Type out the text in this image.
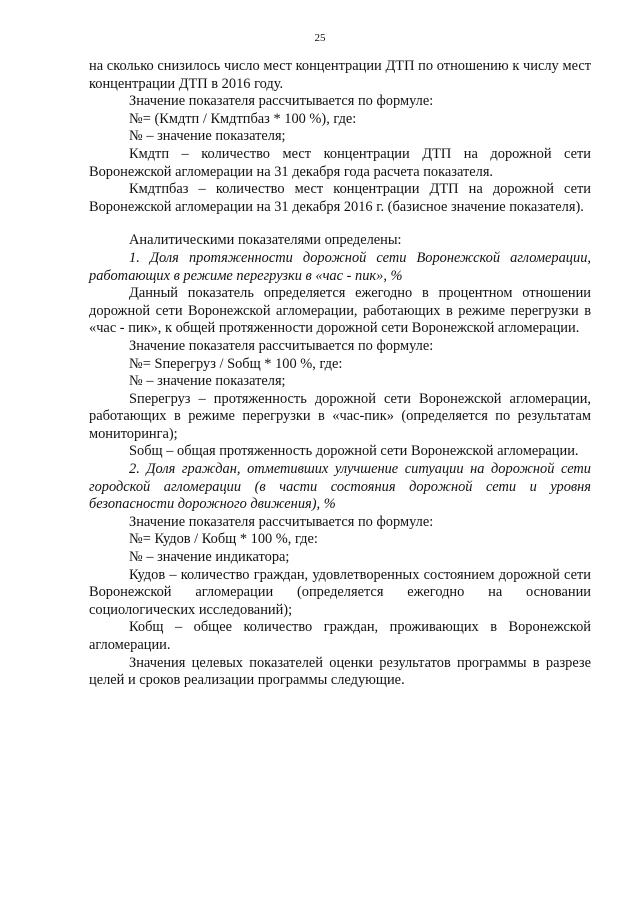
25

на сколько снизилось число мест концентрации ДТП по отношению к числу мест концентрации ДТП в 2016 году.

Значение показателя рассчитывается по формуле:

№= (Кмдтп / Кмдтпбаз * 100 %), где:

№ – значение показателя;

Кмдтп – количество мест концентрации ДТП на дорожной сети Воронежской агломерации на 31 декабря года расчета показателя.

Кмдтпбаз – количество мест концентрации ДТП на дорожной сети Воронежской агломерации на 31 декабря 2016 г. (базисное значение показателя).

Аналитическими показателями определены:

1. Доля протяженности дорожной сети Воронежской агломерации, работающих в режиме перегрузки в «час - пик», %

Данный показатель определяется ежегодно в процентном отношении дорожной сети Воронежской агломерации, работающих в режиме перегрузки в «час - пик», к общей протяженности дорожной сети Воронежской агломерации.

Значение показателя рассчитывается по формуле:

№= Sперегруз / Sобщ * 100 %, где:

№ – значение показателя;

Sперегруз – протяженность дорожной сети Воронежской агломерации, работающих в режиме перегрузки в «час-пик» (определяется по результатам мониторинга);

Sобщ – общая протяженность дорожной сети Воронежской агломерации.

2. Доля граждан, отметивших улучшение ситуации на дорожной сети городской агломерации (в части состояния дорожной сети и уровня безопасности дорожного движения), %

Значение показателя рассчитывается по формуле:

№= Кудов / Кобщ * 100 %, где:

№ – значение индикатора;

Кудов – количество граждан, удовлетворенных состоянием дорожной сети Воронежской агломерации (определяется ежегодно на основании социологических исследований);

Кобщ – общее количество граждан, проживающих в Воронежской агломерации.

Значения целевых показателей оценки результатов программы в разрезе целей и сроков реализации программы следующие.
